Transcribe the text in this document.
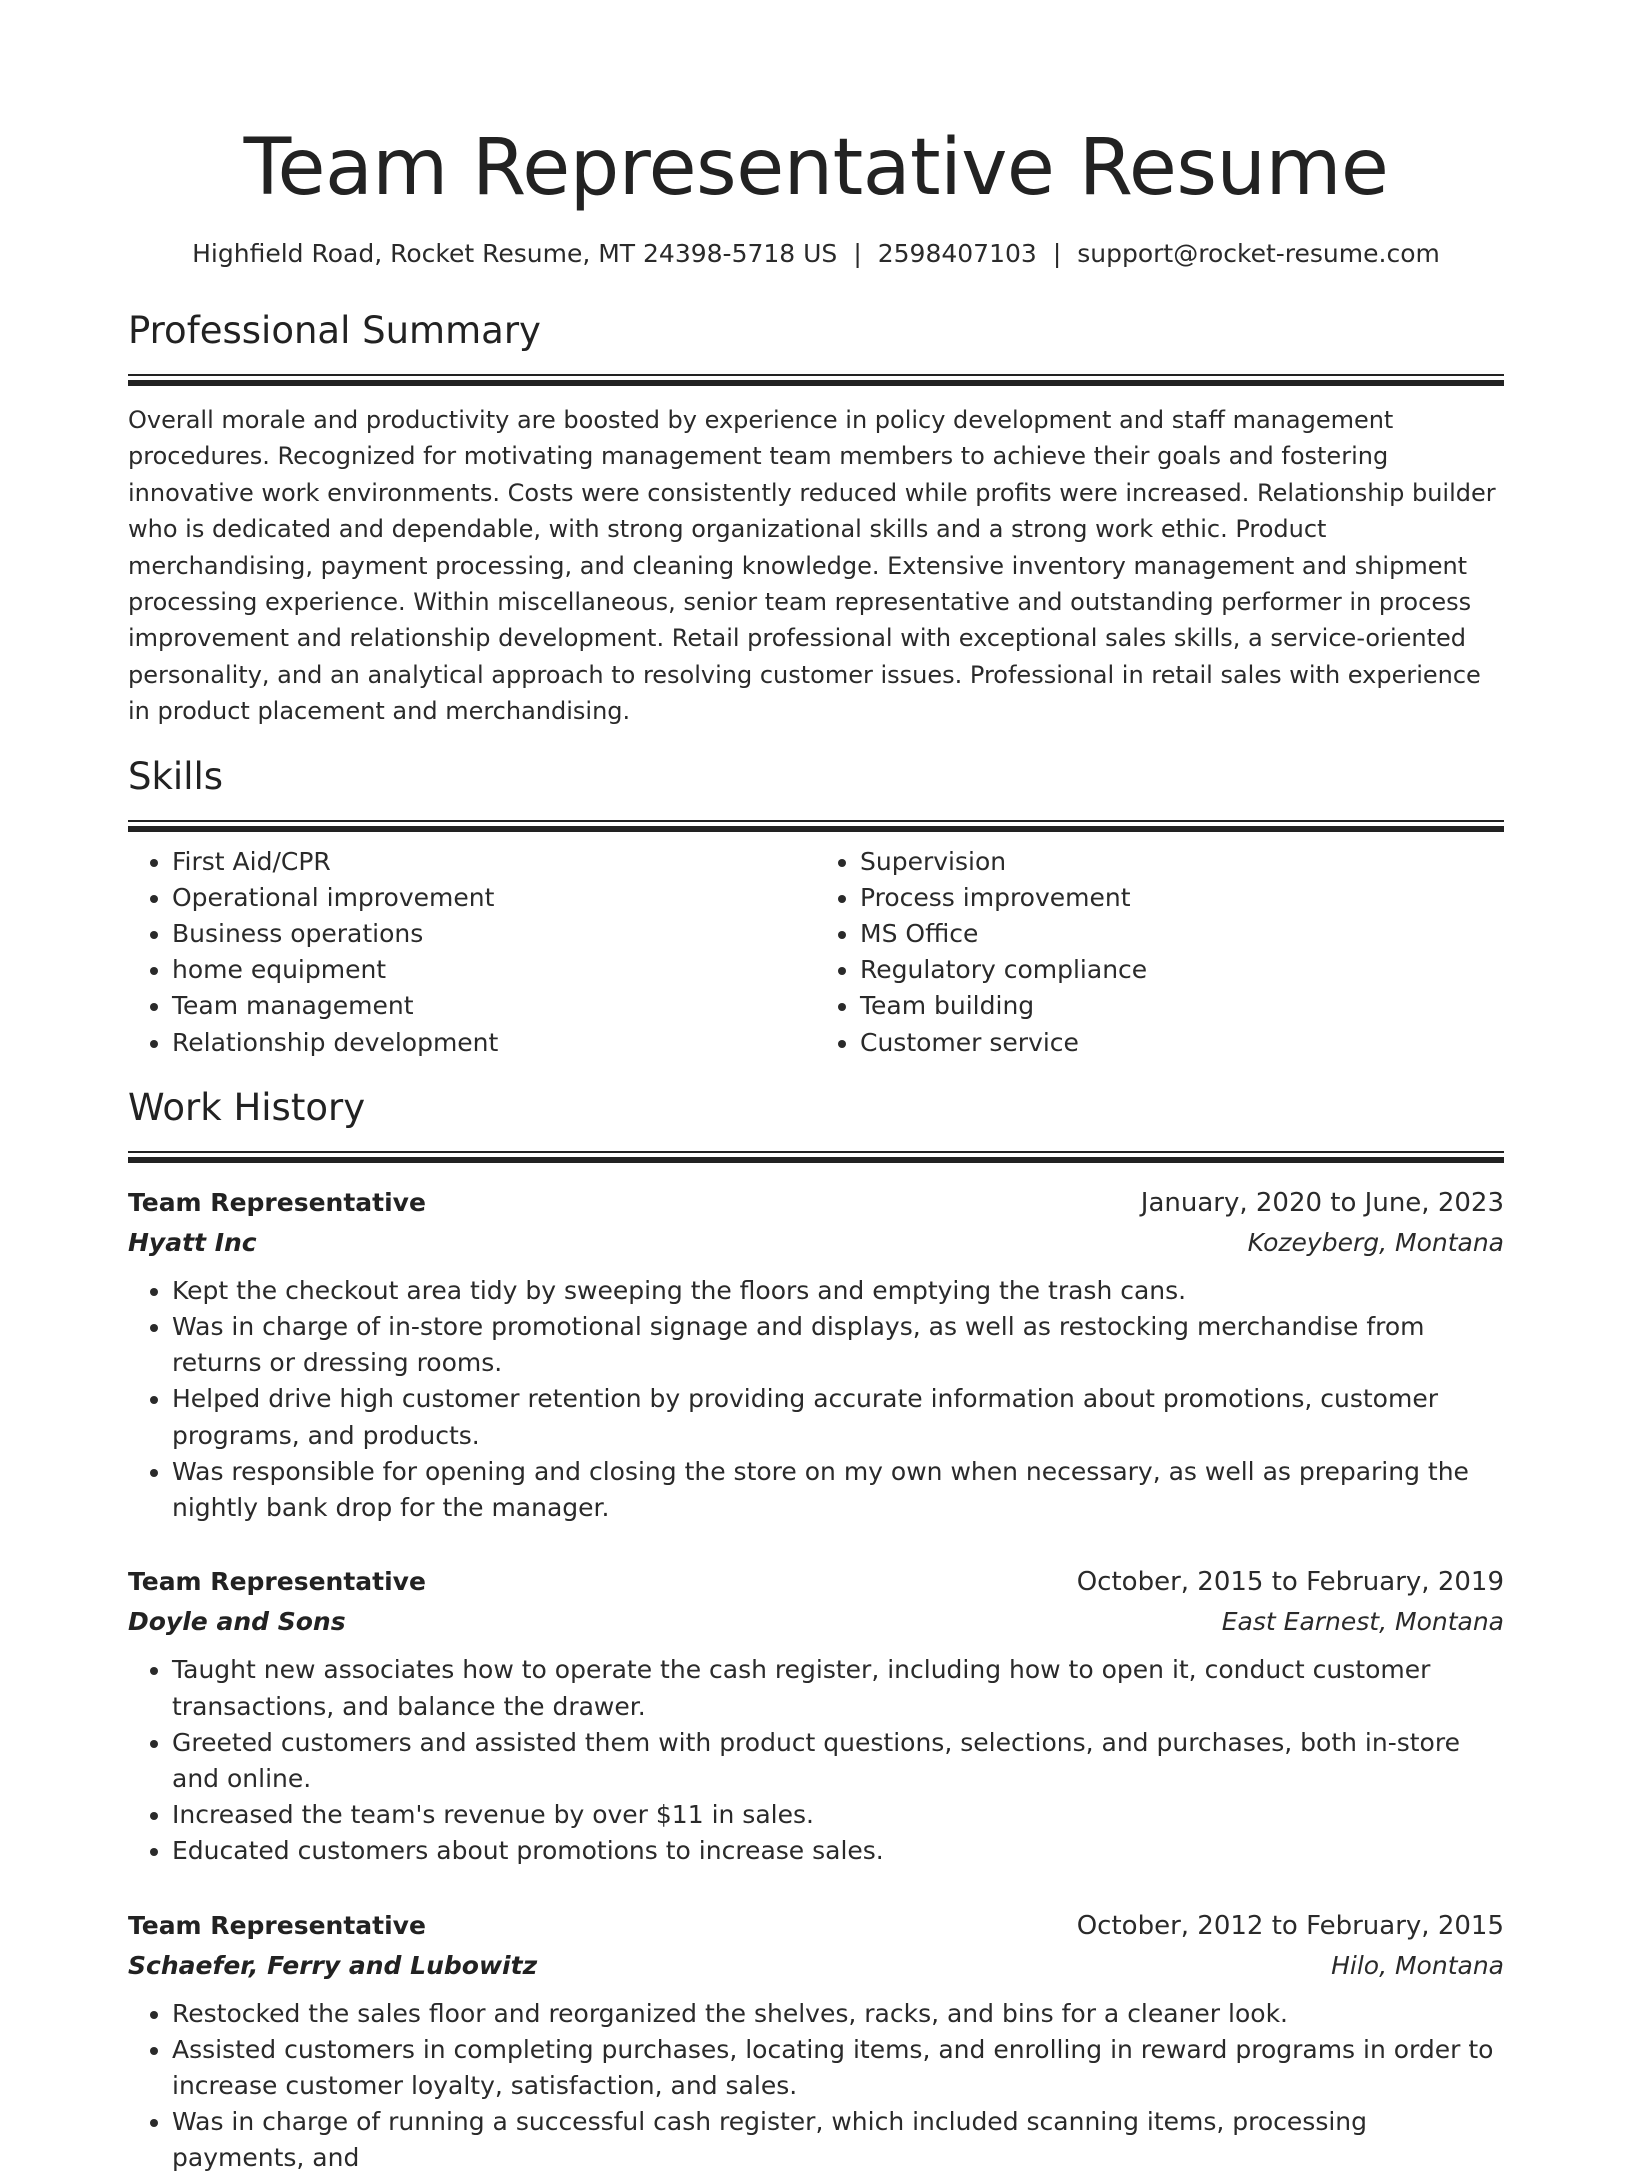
Team Representative Resume
Highfield Road, Rocket Resume, MT 24398-5718 US | 2598407103 | support@rocket-resume.com
Professional Summary

Overall morale and productivity are boosted by experience in policy development and staff management procedures. Recognized for motivating management team members to achieve their goals and fostering innovative work environments. Costs were consistently reduced while profits were increased. Relationship builder who is dedicated and dependable, with strong organizational skills and a strong work ethic. Product merchandising, payment processing, and cleaning knowledge. Extensive inventory management and shipment processing experience. Within miscellaneous, senior team representative and outstanding performer in process improvement and relationship development. Retail professional with exceptional sales skills, a service-oriented personality, and an analytical approach to resolving customer issues. Professional in retail sales with experience in product placement and merchandising.

Skills
• First Aid/CPR
• Operational improvement
• Business operations
• home equipment
• Team management
• Relationship development
• Supervision
• Process improvement
• MS Office
• Regulatory compliance
• Team building
• Customer service
Work History
Team Representative	January, 2020 to June, 2023
Hyatt Inc	Kozeyberg, Montana
• Kept the checkout area tidy by sweeping the floors and emptying the trash cans.
• Was in charge of in-store promotional signage and displays, as well as restocking merchandise from returns or dressing rooms.
• Helped drive high customer retention by providing accurate information about promotions, customer programs, and products.
• Was responsible for opening and closing the store on my own when necessary, as well as preparing the nightly bank drop for the manager.
Team Representative	October, 2015 to February, 2019
Doyle and Sons	East Earnest, Montana
• Taught new associates how to operate the cash register, including how to open it, conduct customer transactions, and balance the drawer.
• Greeted customers and assisted them with product questions, selections, and purchases, both in-store and online.
• Increased the team's revenue by over $11 in sales.
• Educated customers about promotions to increase sales.
Team Representative	October, 2012 to February, 2015
Schaefer, Ferry and Lubowitz	Hilo, Montana
• Restocked the sales floor and reorganized the shelves, racks, and bins for a cleaner look.
• Assisted customers in completing purchases, locating items, and enrolling in reward programs in order to increase customer loyalty, satisfaction, and sales.
• Was in charge of running a successful cash register, which included scanning items, processing payments, and
